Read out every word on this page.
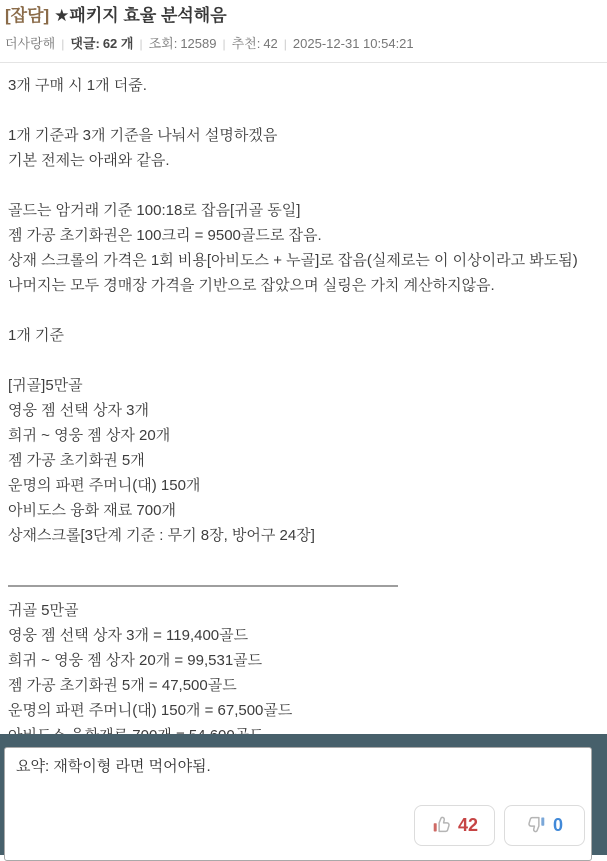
[잡담] ★패키지 효율 분석해음
더사랑해 | 댓글: 62 개 | 조회: 12589 | 추천: 42 | 2025-12-31 10:54:21
3개 구매 시 1개 더줌.

1개 기준과 3개 기준을 나눠서 설명하겠음
기본 전제는 아래와 같음.

골드는 암거래 기준 100:18로 잡음[귀골 동일]
젬 가공 초기화권은 100크리 = 9500골드로 잡음.
상재 스크롤의 가격은 1회 비용[아비도스 + 누골]로 잡음(실제로는 이 이상이라고 봐도됨)
나머지는 모두 경매장 가격을 기반으로 잡았으며 실링은 가치 계산하지않음.

1개 기준

[귀골]5만골
영웅 젬 선택 상자 3개
희귀 ~ 영웅 젬 상자 20개
젬 가공 초기화권 5개
운명의 파편 주머니(대) 150개
아비도스 융화 재료 700개
상재스크롤[3단계 기준 : 무기 8장, 방어구 24장]

——————————————————————————
귀골 5만골
영웅 젬 선택 상자 3개 = 119,400골드
희귀 ~ 영웅 젬 상자 20개 = 99,531골드
젬 가공 초기화권 5개 = 47,500골드
운명의 파편 주머니(대) 150개 = 67,500골드
요약: 재학이형 라면 먹어야됨.
42	0
